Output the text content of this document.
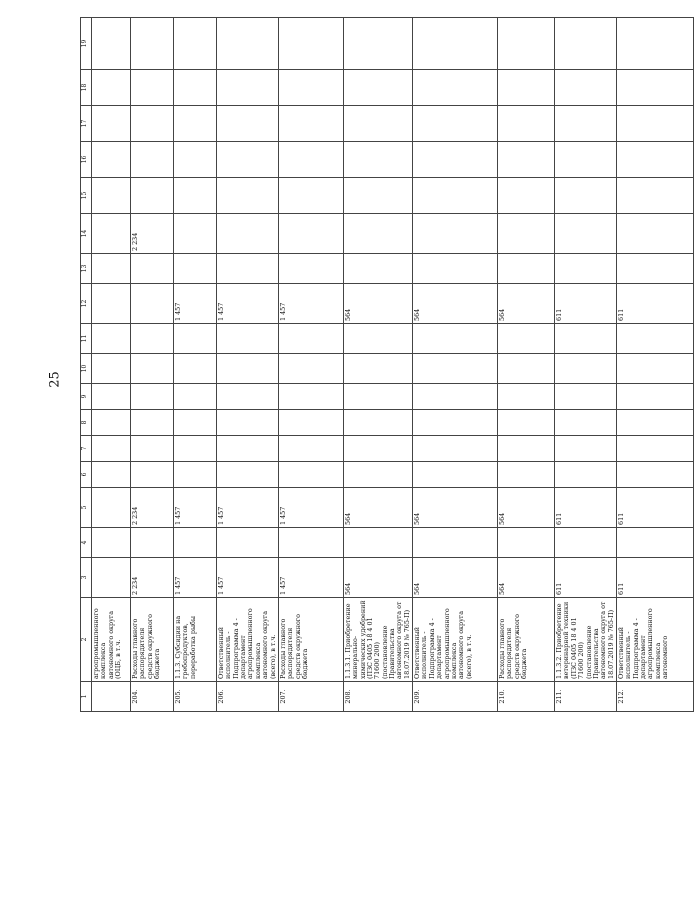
25
1	2	3	4	5	6	7	8	9	10	11	12	13	14	15	16	17	18	19
	агропромышленного комплекса автономного округа (ОЦБ, в т.ч.																	
204.	Расходы главного распорядителя средств окружного бюджета	2 234		2 234									2 234					
205.	1.1.3. Субсидии на гребопродуктов, переработка рыбы	1 457		1 457							1 457							
206.	Ответственный исполнитель - Подпрограмма 4 - департамент агропромышленного комплекса автономного округа (всего), в т.ч.	1 457		1 457							1 457							
207.	Расходы главного распорядителя средств окружного бюджета	1 457		1 457							1 457							
208.	1.1.3.1. Приобретение минерально-химических удобрений (ПЗС 0405 18 4 01 71600 200) (постановление Правительства автономного округа от 18.07.2019 № 765-П)	564		564							564							
209.	Ответственный исполнитель - Подпрограмма 4 - департамент агропромышленного комплекса автономного округа (всего), в т.ч.	564		564							564							
210.	Расходы главного распорядителя средств окружного бюджета	564		564							564							
211.	1.1.3.2. Приобретение ветеринарной техники (ПЗС 0405 18 4 01 71600 200) (постановление Правительства автономного округа от 18.07.2019 № 765-П)	611		611							611							
212.	Ответственный исполнитель - Подпрограмма 4 - департамент агропромышленного комплекса автономного	611		611							611							
